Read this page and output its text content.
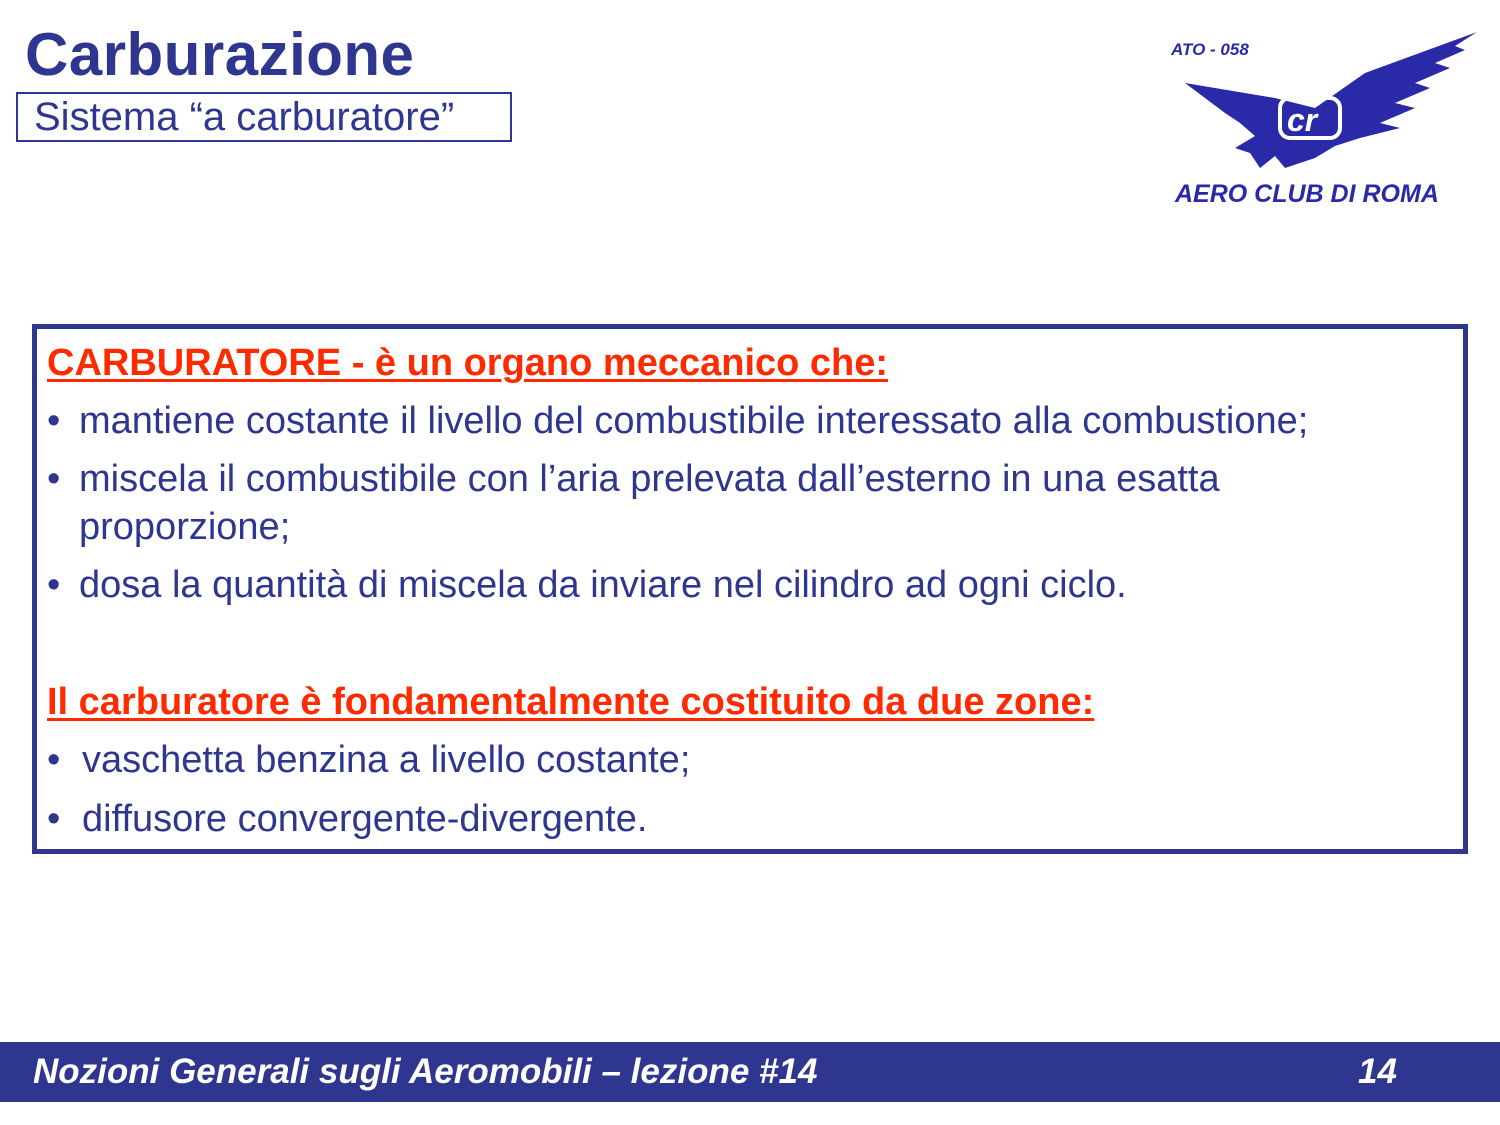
Carburazione
Sistema “a carburatore”
ATO - 058
cr
AERO CLUB DI ROMA
CARBURATORE - è un organo meccanico che:
• mantiene costante il livello del combustibile interessato alla combustione;
• miscela il combustibile con l’aria prelevata dall’esterno in una esatta
proporzione;
• dosa la quantità di miscela da inviare nel cilindro ad ogni ciclo.
Il carburatore è fondamentalmente costituito da due zone:
• vaschetta benzina a livello costante;
• diffusore convergente-divergente.
Nozioni Generali sugli Aeromobili – lezione #14	14
